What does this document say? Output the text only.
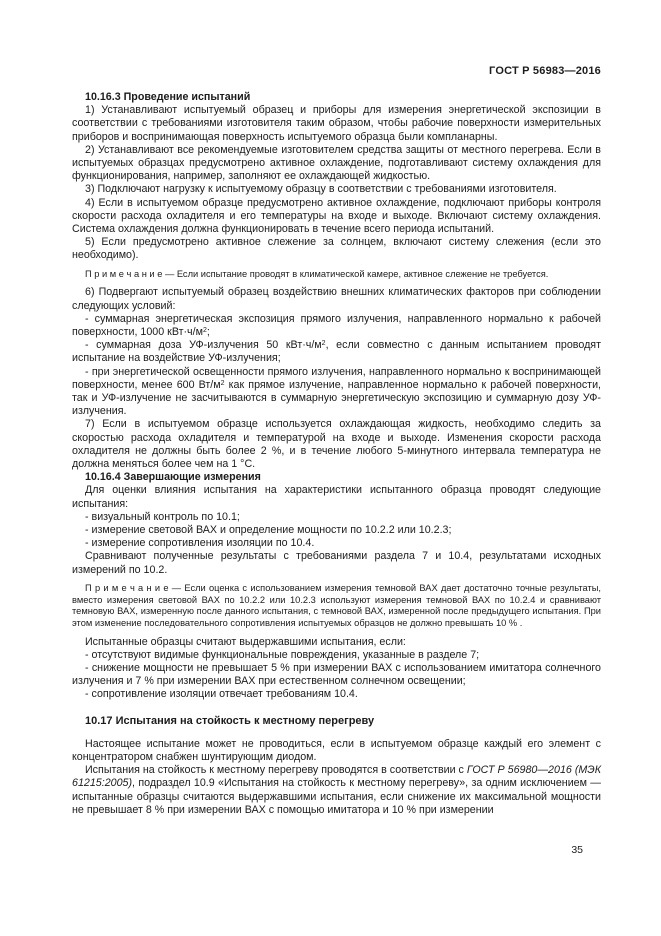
ГОСТ Р 56983—2016

10.16.3 Проведение испытаний

1) Устанавливают испытуемый образец и приборы для измерения энергетической экспозиции в соответствии с требованиями изготовителя таким образом, чтобы рабочие поверхности измерительных приборов и воспринимающая поверхность испытуемого образца были компланарны.

2) Устанавливают все рекомендуемые изготовителем средства защиты от местного перегрева. Если в испытуемых образцах предусмотрено активное охлаждение, подготавливают систему охлаждения для функционирования, например, заполняют ее охлаждающей жидкостью.

3) Подключают нагрузку к испытуемому образцу в соответствии с требованиями изготовителя.

4) Если в испытуемом образце предусмотрено активное охлаждение, подключают приборы контроля скорости расхода охладителя и его температуры на входе и выходе. Включают систему охлаждения. Система охлаждения должна функционировать в течение всего периода испытаний.

5) Если предусмотрено активное слежение за солнцем, включают систему слежения (если это необходимо).

П р и м е ч а н и е — Если испытание проводят в климатической камере, активное слежение не требуется.

6) Подвергают испытуемый образец воздействию внешних климатических факторов при соблюдении следующих условий:

- суммарная энергетическая экспозиция прямого излучения, направленного нормально к рабочей поверхности, 1000 $кВт\cdot ч/м^2$;

- суммарная доза УФ-излучения 50 $кВт\cdot ч/м^2$, если совместно с данным испытанием проводят испытание на воздействие УФ-излучения;

- при энергетической освещенности прямого излучения, направленного нормально к воспринимающей поверхности, менее 600 $Вт/м^2$ как прямое излучение, направленное нормально к рабочей поверхности, так и УФ-излучение не засчитываются в суммарную энергетическую экспозицию и суммарную дозу УФ-излучения.

7) Если в испытуемом образце используется охлаждающая жидкость, необходимо следить за скоростью расхода охладителя и температурой на входе и выходе. Изменения скорости расхода охладителя не должны быть более 2 %, и в течение любого 5-минутного интервала температура не должна меняться более чем на 1 °С.

10.16.4 Завершающие измерения

Для оценки влияния испытания на характеристики испытанного образца проводят следующие испытания:

- визуальный контроль по 10.1;

- измерение световой ВАХ и определение мощности по 10.2.2 или 10.2.3;

- измерение сопротивления изоляции по 10.4.

Сравнивают полученные результаты с требованиями раздела 7 и 10.4, результатами исходных измерений по 10.2.

П р и м е ч а н и е — Если оценка с использованием измерения темновой ВАХ дает достаточно точные результаты, вместо измерения световой ВАХ по 10.2.2 или 10.2.3 используют измерения темновой ВАХ по 10.2.4 и сравнивают темновую ВАХ, измеренную после данного испытания, с темновой ВАХ, измеренной после предыдущего испытания. При этом изменение последовательного сопротивления испытуемых образцов не должно превышать 10 % .

Испытанные образцы считают выдержавшими испытания, если:

- отсутствуют видимые функциональные повреждения, указанные в разделе 7;

- снижение мощности не превышает 5 % при измерении ВАХ с использованием имитатора солнечного излучения и 7 % при измерении ВАХ при естественном солнечном освещении;

- сопротивление изоляции отвечает требованиям 10.4.

10.17 Испытания на стойкость к местному перегреву

Настоящее испытание может не проводиться, если в испытуемом образце каждый его элемент с концентратором снабжен шунтирующим диодом.

Испытания на стойкость к местному перегреву проводятся в соответствии с ГОСТ Р 56980—2016 (МЭК 61215:2005), подраздел 10.9 «Испытания на стойкость к местному перегреву», за одним исключением — испытанные образцы считаются выдержавшими испытания, если снижение их максимальной мощности не превышает 8 % при измерении ВАХ с помощью имитатора и 10 % при измерении

35
